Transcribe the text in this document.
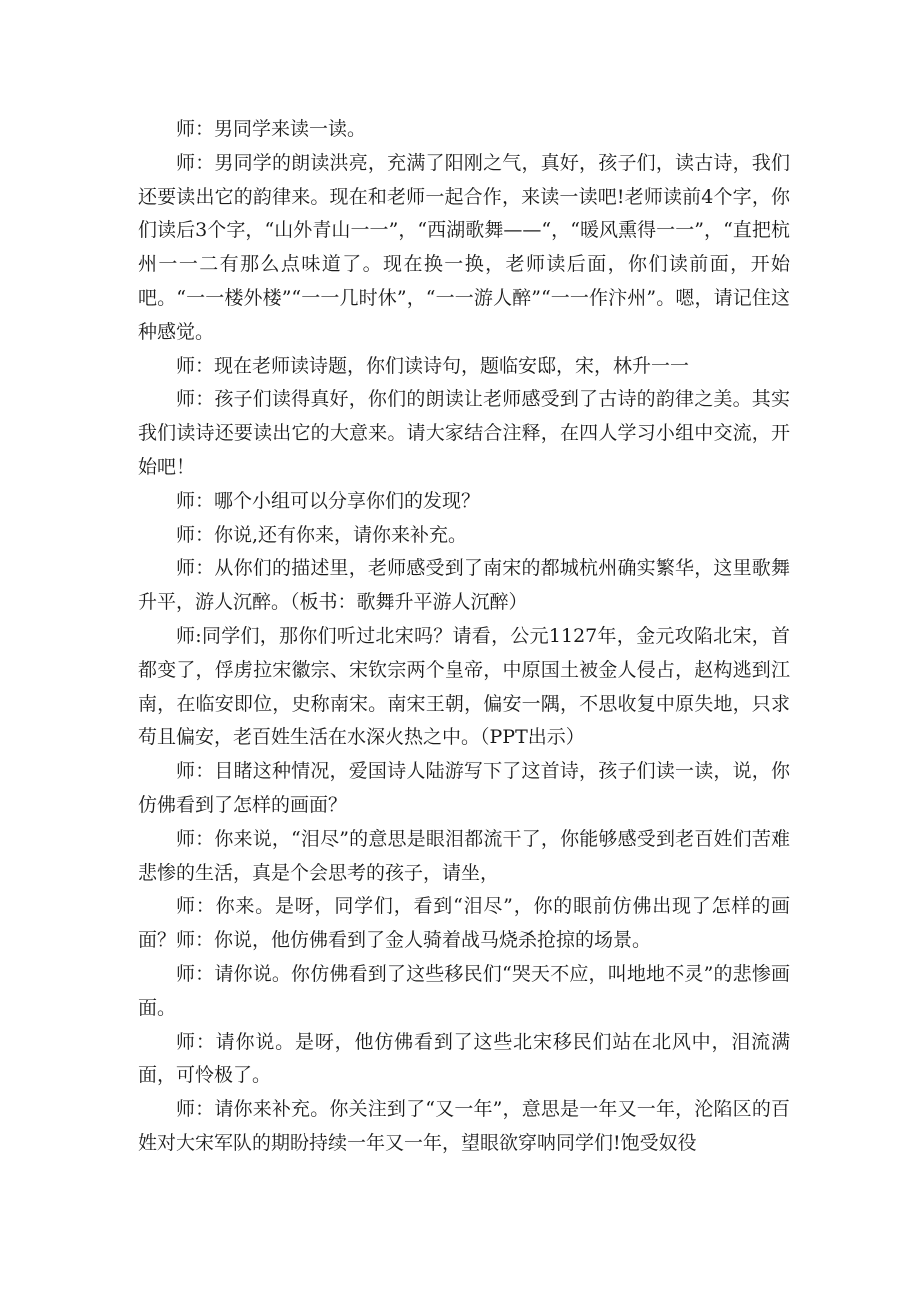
师：男同学来读一读。

师：男同学的朗读洪亮，充满了阳刚之气，真好，孩子们，读古诗，我们还要读出它的韵律来。现在和老师一起合作，来读一读吧!老师读前4个字，你们读后3个字，“山外青山一一”，“西湖歌舞——“，“暖风熏得一一”，“直把杭州一一二有那么点味道了。现在换一换，老师读后面，你们读前面，开始吧。“一一楼外楼”“一一几时休”，“一一游人醉”“一一作汴州”。嗯，请记住这种感觉。

师：现在老师读诗题，你们读诗句，题临安邸，宋，林升一一

师：孩子们读得真好，你们的朗读让老师感受到了古诗的韵律之美。其实我们读诗还要读出它的大意来。请大家结合注释，在四人学习小组中交流，开始吧！

师：哪个小组可以分享你们的发现？

师：你说,还有你来，请你来补充。

师：从你们的描述里，老师感受到了南宋的都城杭州确实繁华，这里歌舞升平，游人沉醉。（板书：歌舞升平游人沉醉）

师:同学们，那你们听过北宋吗？请看，公元1127年，金元攻陷北宋，首都变了，俘虏拉宋徽宗、宋钦宗两个皇帝，中原国土被金人侵占，赵构逃到江南，在临安即位，史称南宋。南宋王朝，偏安一隅，不思收复中原失地，只求苟且偏安，老百姓生活在水深火热之中。（PPT出示）

师：目睹这种情况，爱国诗人陆游写下了这首诗，孩子们读一读，说，你仿佛看到了怎样的画面？

师：你来说，“泪尽”的意思是眼泪都流干了，你能够感受到老百姓们苦难悲惨的生活，真是个会思考的孩子，请坐，

师：你来。是呀，同学们，看到“泪尽”，你的眼前仿佛出现了怎样的画面？师：你说，他仿佛看到了金人骑着战马烧杀抢掠的场景。

师：请你说。你仿佛看到了这些移民们“哭天不应，叫地地不灵”的悲惨画面。

师：请你说。是呀，他仿佛看到了这些北宋移民们站在北风中，泪流满面，可怜极了。

师：请你来补充。你关注到了“又一年”，意思是一年又一年，沦陷区的百姓对大宋军队的期盼持续一年又一年，望眼欲穿呐同学们!饱受奴役
